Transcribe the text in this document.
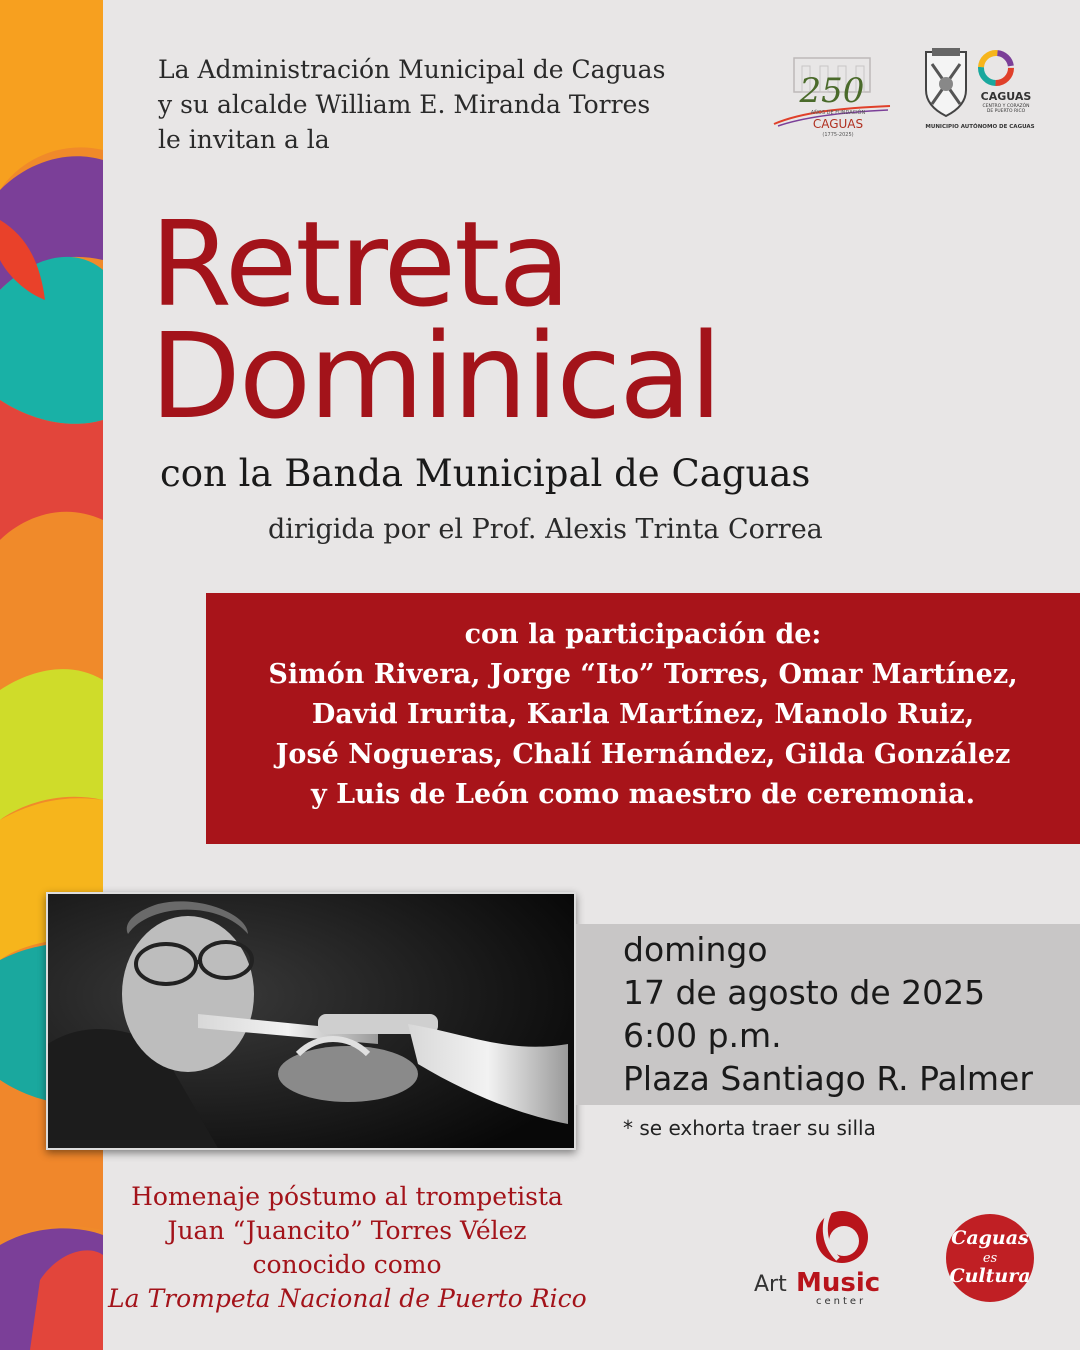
La Administración Municipal de Caguas
y su alcalde William E. Miranda Torres
le invitan a la
250
AÑOS DE FUNDACIÓN
CAGUAS
(1775-2025)
CAGUAS
CENTRO Y CORAZÓN
DE PUERTO RICO
MUNICIPIO AUTÓNOMO DE CAGUAS
Retreta
Dominical
con la Banda Municipal de Caguas
dirigida por el Prof. Alexis Trinta Correa
con la participación de:
Simón Rivera, Jorge “Ito” Torres, Omar Martínez,
David Irurita, Karla Martínez, Manolo Ruiz,
José Nogueras, Chalí Hernández, Gilda González
y Luis de León como maestro de ceremonia.
domingo
17 de agosto de 2025
6:00 p.m.
Plaza Santiago R. Palmer
* se exhorta traer su silla
Homenaje póstumo al trompetista
Juan “Juancito” Torres Vélez
conocido como
La Trompeta Nacional de Puerto Rico	Art Music
center
Caguas
es
Cultura
